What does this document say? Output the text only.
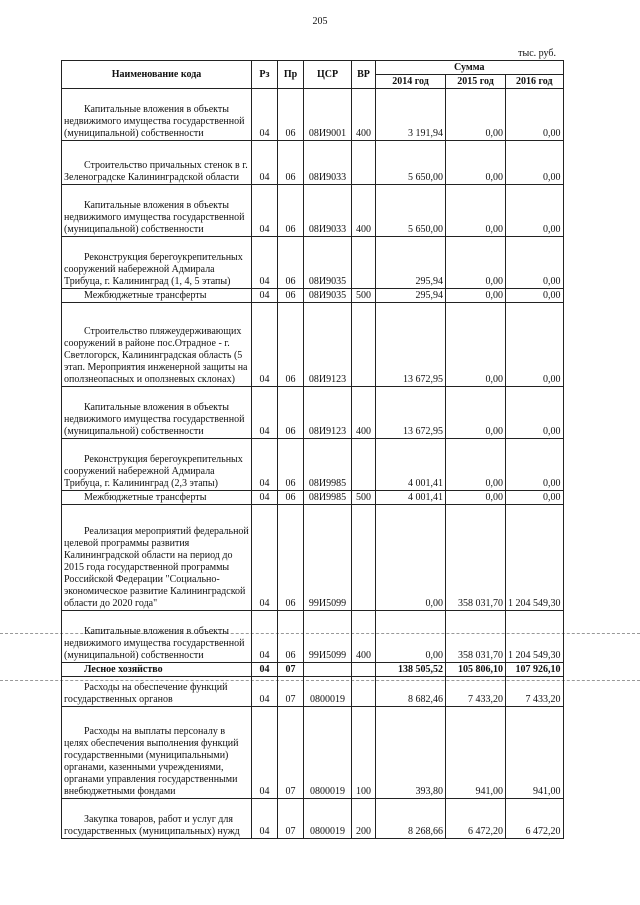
205
тыс. руб.
Наименование кода	Рз	Пр	ЦСР	ВР	Сумма		
					2014 год	2015 год	2016 год
Капитальные вложения в объекты недвижимого имущества государственной (муниципальной) собственности	04	06	08И9001	400	3 191,94	0,00	0,00
Строительство причальных стенок в г. Зеленоградске Калининградской области	04	06	08И9033		5 650,00	0,00	0,00
Капитальные вложения в объекты недвижимого имущества государственной (муниципальной) собственности	04	06	08И9033	400	5 650,00	0,00	0,00
Реконструкция берегоукрепительных сооружений набережной Адмирала Трибуца, г. Калининград (1, 4, 5 этапы)	04	06	08И9035		295,94	0,00	0,00
Межбюджетные трансферты	04	06	08И9035	500	295,94	0,00	0,00
Строительство пляжеудерживающих сооружений в районе пос.Отрадное - г. Светлогорск, Калининградская область (5 этап. Мероприятия инженерной защиты на оползнеопасных и оползневых склонах)	04	06	08И9123		13 672,95	0,00	0,00
Капитальные вложения в объекты недвижимого имущества государственной (муниципальной) собственности	04	06	08И9123	400	13 672,95	0,00	0,00
Реконструкция берегоукрепительных сооружений набережной Адмирала Трибуца, г. Калининград (2,3 этапы)	04	06	08И9985		4 001,41	0,00	0,00
Межбюджетные трансферты	04	06	08И9985	500	4 001,41	0,00	0,00
Реализация мероприятий федеральной целевой программы развития Калининградской области на период до 2015 года государственной программы Российской Федерации "Социально-экономическое развитие Калининградской области до 2020 года"	04	06	99И5099		0,00	358 031,70	1 204 549,30
Капитальные вложения в объекты недвижимого имущества государственной (муниципальной) собственности	04	06	99И5099	400	0,00	358 031,70	1 204 549,30
Лесное хозяйство	04	07			138 505,52	105 806,10	107 926,10
Расходы на обеспечение функций государственных органов	04	07	0800019		8 682,46	7 433,20	7 433,20
Расходы на выплаты персоналу в целях обеспечения выполнения функций государственными (муниципальными) органами, казенными учреждениями, органами управления государственными внебюджетными фондами	04	07	0800019	100	393,80	941,00	941,00
Закупка товаров, работ и услуг для государственных (муниципальных) нужд	04	07	0800019	200	8 268,66	6 472,20	6 472,20
